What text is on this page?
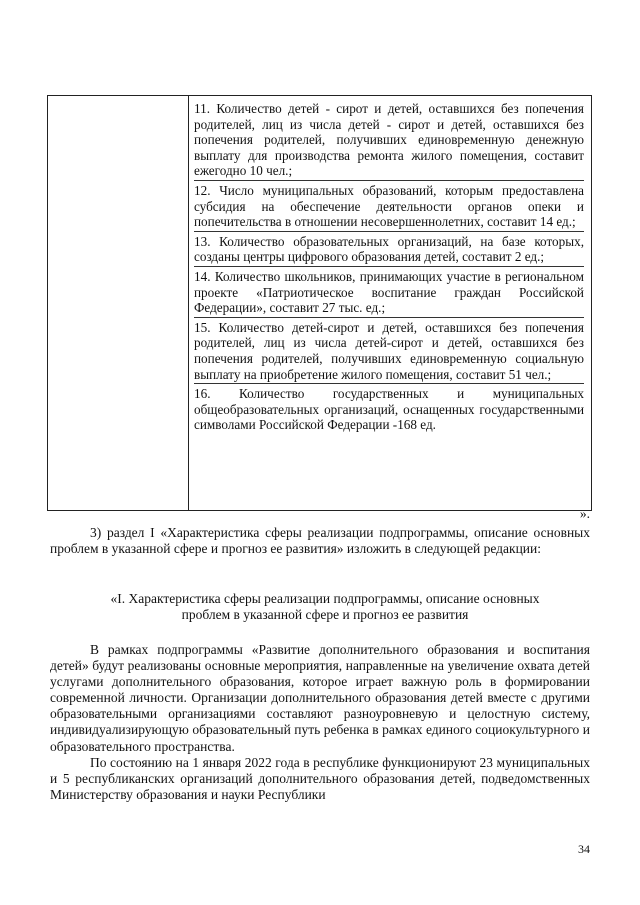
11. Количество детей - сирот и детей, оставшихся без попечения родителей, лиц из числа детей - сирот и детей, оставшихся без попечения родителей, получивших единовременную денежную выплату для производства ремонта жилого помещения, составит ежегодно 10 чел.;
12. Число муниципальных образований, которым предоставлена субсидия на обеспечение деятельности органов опеки и попечительства в отношении несовершеннолетних, составит 14 ед.;
13. Количество образовательных организаций, на базе которых, созданы центры цифрового образования детей, составит 2 ед.;
14. Количество школьников, принимающих участие в региональном проекте «Патриотическое воспитание граждан Российской Федерации», составит 27 тыс. ед.;
15. Количество детей-сирот и детей, оставшихся без попечения родителей, лиц из числа детей-сирот и детей, оставшихся без попечения родителей, получивших единовременную социальную выплату на приобретение жилого помещения, составит 51 чел.;
16. Количество государственных и муниципальных общеобразовательных организаций, оснащенных государственными символами Российской Федерации -168 ед.
».

3) раздел I «Характеристика сферы реализации подпрограммы, описание основных проблем в указанной сфере и прогноз ее развития» изложить в следующей редакции:

«I. Характеристика сферы реализации подпрограммы, описание основных проблем в указанной сфере и прогноз ее развития

В рамках подпрограммы «Развитие дополнительного образования и воспитания детей» будут реализованы основные мероприятия, направленные на увеличение охвата детей услугами дополнительного образования, которое играет важную роль в формировании современной личности. Организации дополнительного образования детей вместе с другими образовательными организациями составляют разноуровневую и целостную систему, индивидуализирующую образовательный путь ребенка в рамках единого социокультурного и образовательного пространства.

По состоянию на 1 января 2022 года в республике функционируют 23 муниципальных и 5 республиканских организаций дополнительного образования детей, подведомственных Министерству образования и науки Республики

34
